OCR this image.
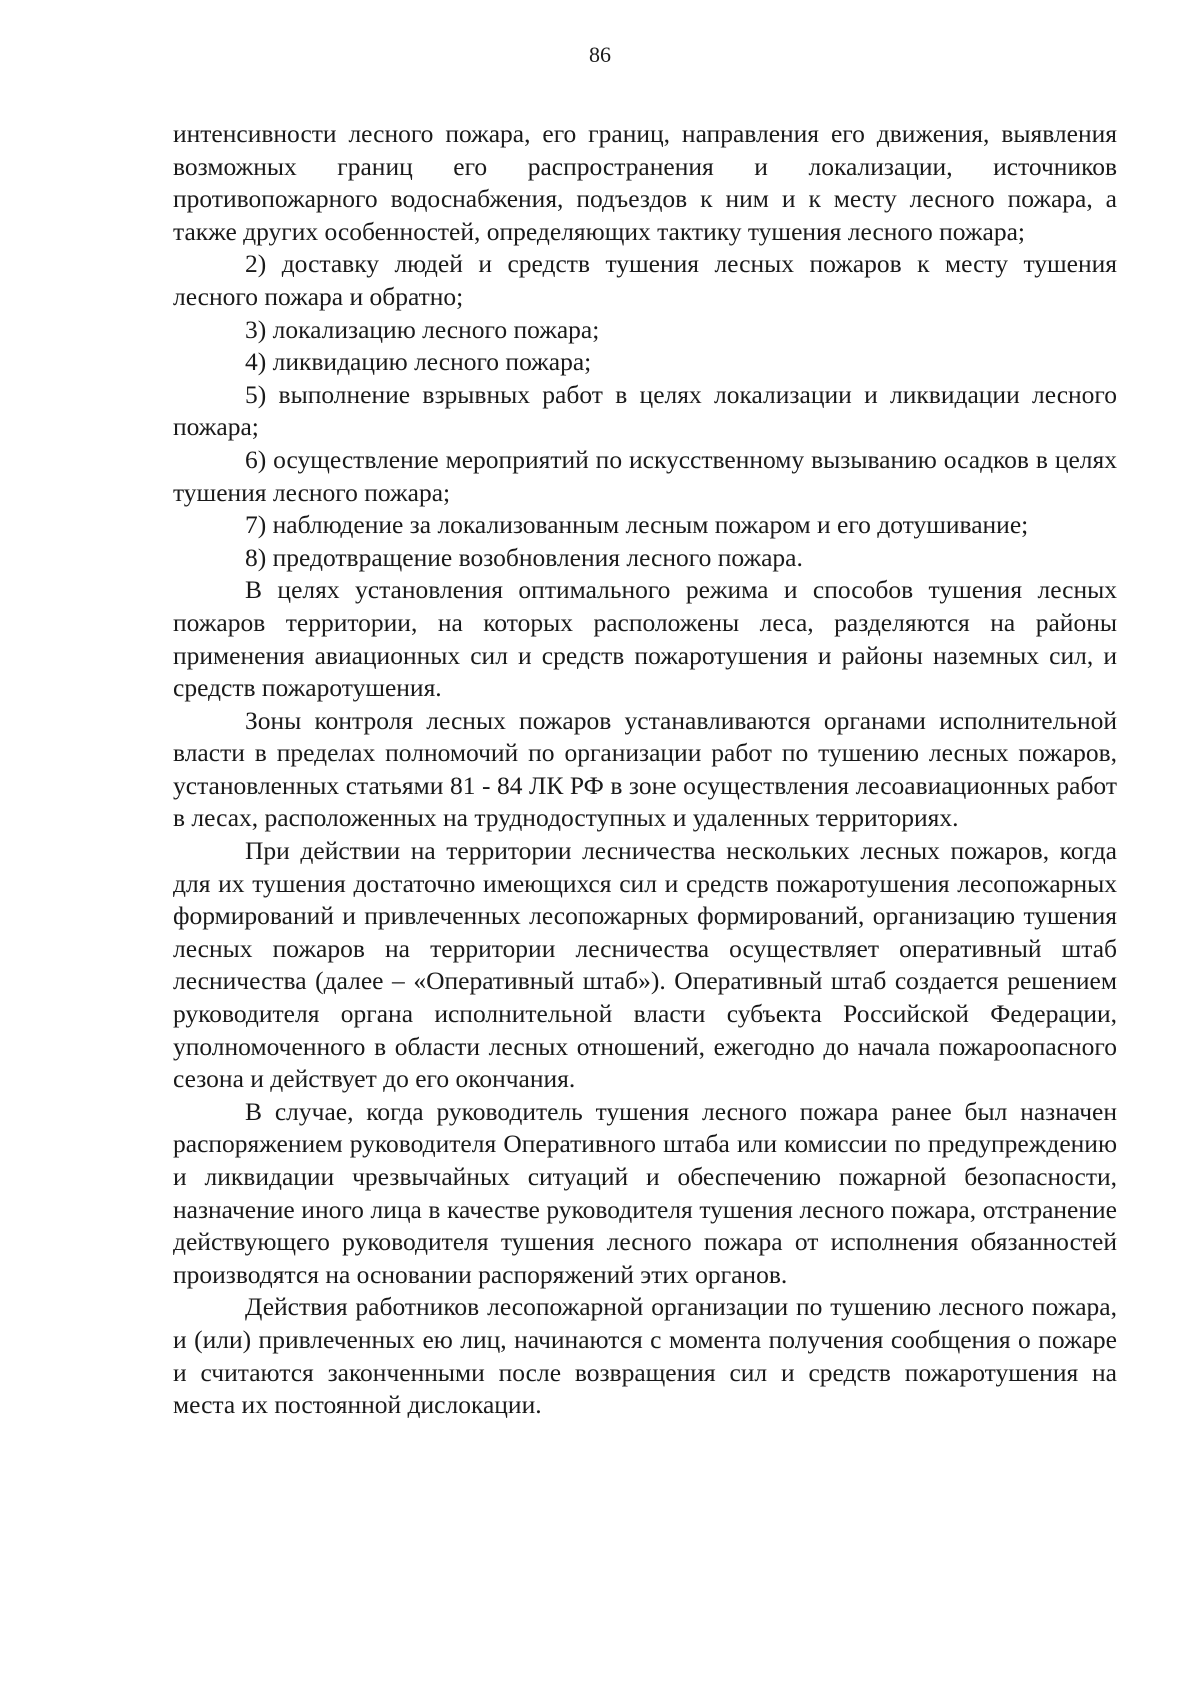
86

интенсивности лесного пожара, его границ, направления его движения, выявления возможных границ его распространения и локализации, источников противопожарного водоснабжения, подъездов к ним и к месту лесного пожара, а также других особенностей, определяющих тактику тушения лесного пожара;

2) доставку людей и средств тушения лесных пожаров к месту тушения лесного пожара и обратно;

3) локализацию лесного пожара;

4) ликвидацию лесного пожара;

5) выполнение взрывных работ в целях локализации и ликвидации лесного пожара;

6) осуществление мероприятий по искусственному вызыванию осадков в целях тушения лесного пожара;

7) наблюдение за локализованным лесным пожаром и его дотушивание;

8) предотвращение возобновления лесного пожара.

В целях установления оптимального режима и способов тушения лесных пожаров территории, на которых расположены леса, разделяются на районы применения авиационных сил и средств пожаротушения и районы наземных сил, и средств пожаротушения.

Зоны контроля лесных пожаров устанавливаются органами исполнительной власти в пределах полномочий по организации работ по тушению лесных пожаров, установленных статьями 81 - 84 ЛК РФ в зоне осуществления лесоавиационных работ в лесах, расположенных на труднодоступных и удаленных территориях.

При действии на территории лесничества нескольких лесных пожаров, когда для их тушения достаточно имеющихся сил и средств пожаротушения лесопожарных формирований и привлеченных лесопожарных формирований, организацию тушения лесных пожаров на территории лесничества осуществляет оперативный штаб лесничества (далее – «Оперативный штаб»). Оперативный штаб создается решением руководителя органа исполнительной власти субъекта Российской Федерации, уполномоченного в области лесных отношений, ежегодно до начала пожароопасного сезона и действует до его окончания.

В случае, когда руководитель тушения лесного пожара ранее был назначен распоряжением руководителя Оперативного штаба или комиссии по предупреждению и ликвидации чрезвычайных ситуаций и обеспечению пожарной безопасности, назначение иного лица в качестве руководителя тушения лесного пожара, отстранение действующего руководителя тушения лесного пожара от исполнения обязанностей производятся на основании распоряжений этих органов.

Действия работников лесопожарной организации по тушению лесного пожара, и (или) привлеченных ею лиц, начинаются с момента получения сообщения о пожаре и считаются законченными после возвращения сил и средств пожаротушения на места их постоянной дислокации.
